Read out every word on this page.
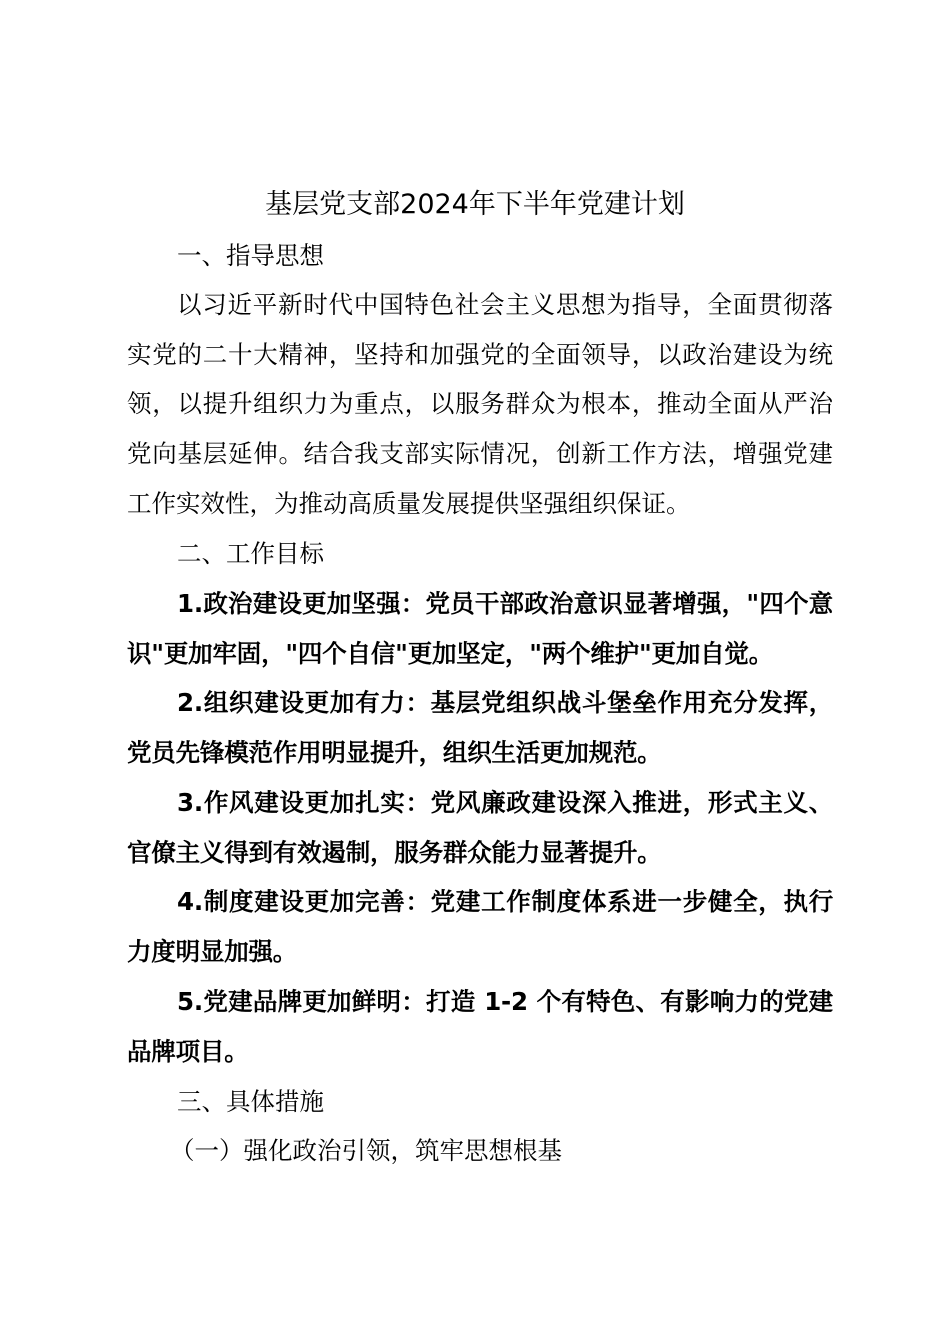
基层党支部2024年下半年党建计划
一、指导思想

以习近平新时代中国特色社会主义思想为指导，全面贯彻落实党的二十大精神，坚持和加强党的全面领导，以政治建设为统领，以提升组织力为重点，以服务群众为根本，推动全面从严治党向基层延伸。结合我支部实际情况，创新工作方法，增强党建工作实效性，为推动高质量发展提供坚强组织保证。

二、工作目标

1.政治建设更加坚强：党员干部政治意识显著增强，"四个意识"更加牢固，"四个自信"更加坚定，"两个维护"更加自觉。

2.组织建设更加有力：基层党组织战斗堡垒作用充分发挥，党员先锋模范作用明显提升，组织生活更加规范。

3.作风建设更加扎实：党风廉政建设深入推进，形式主义、官僚主义得到有效遏制，服务群众能力显著提升。

4.制度建设更加完善：党建工作制度体系进一步健全，执行力度明显加强。

5.党建品牌更加鲜明：打造 1-2 个有特色、有影响力的党建品牌项目。

三、具体措施
（一）强化政治引领，筑牢思想根基
